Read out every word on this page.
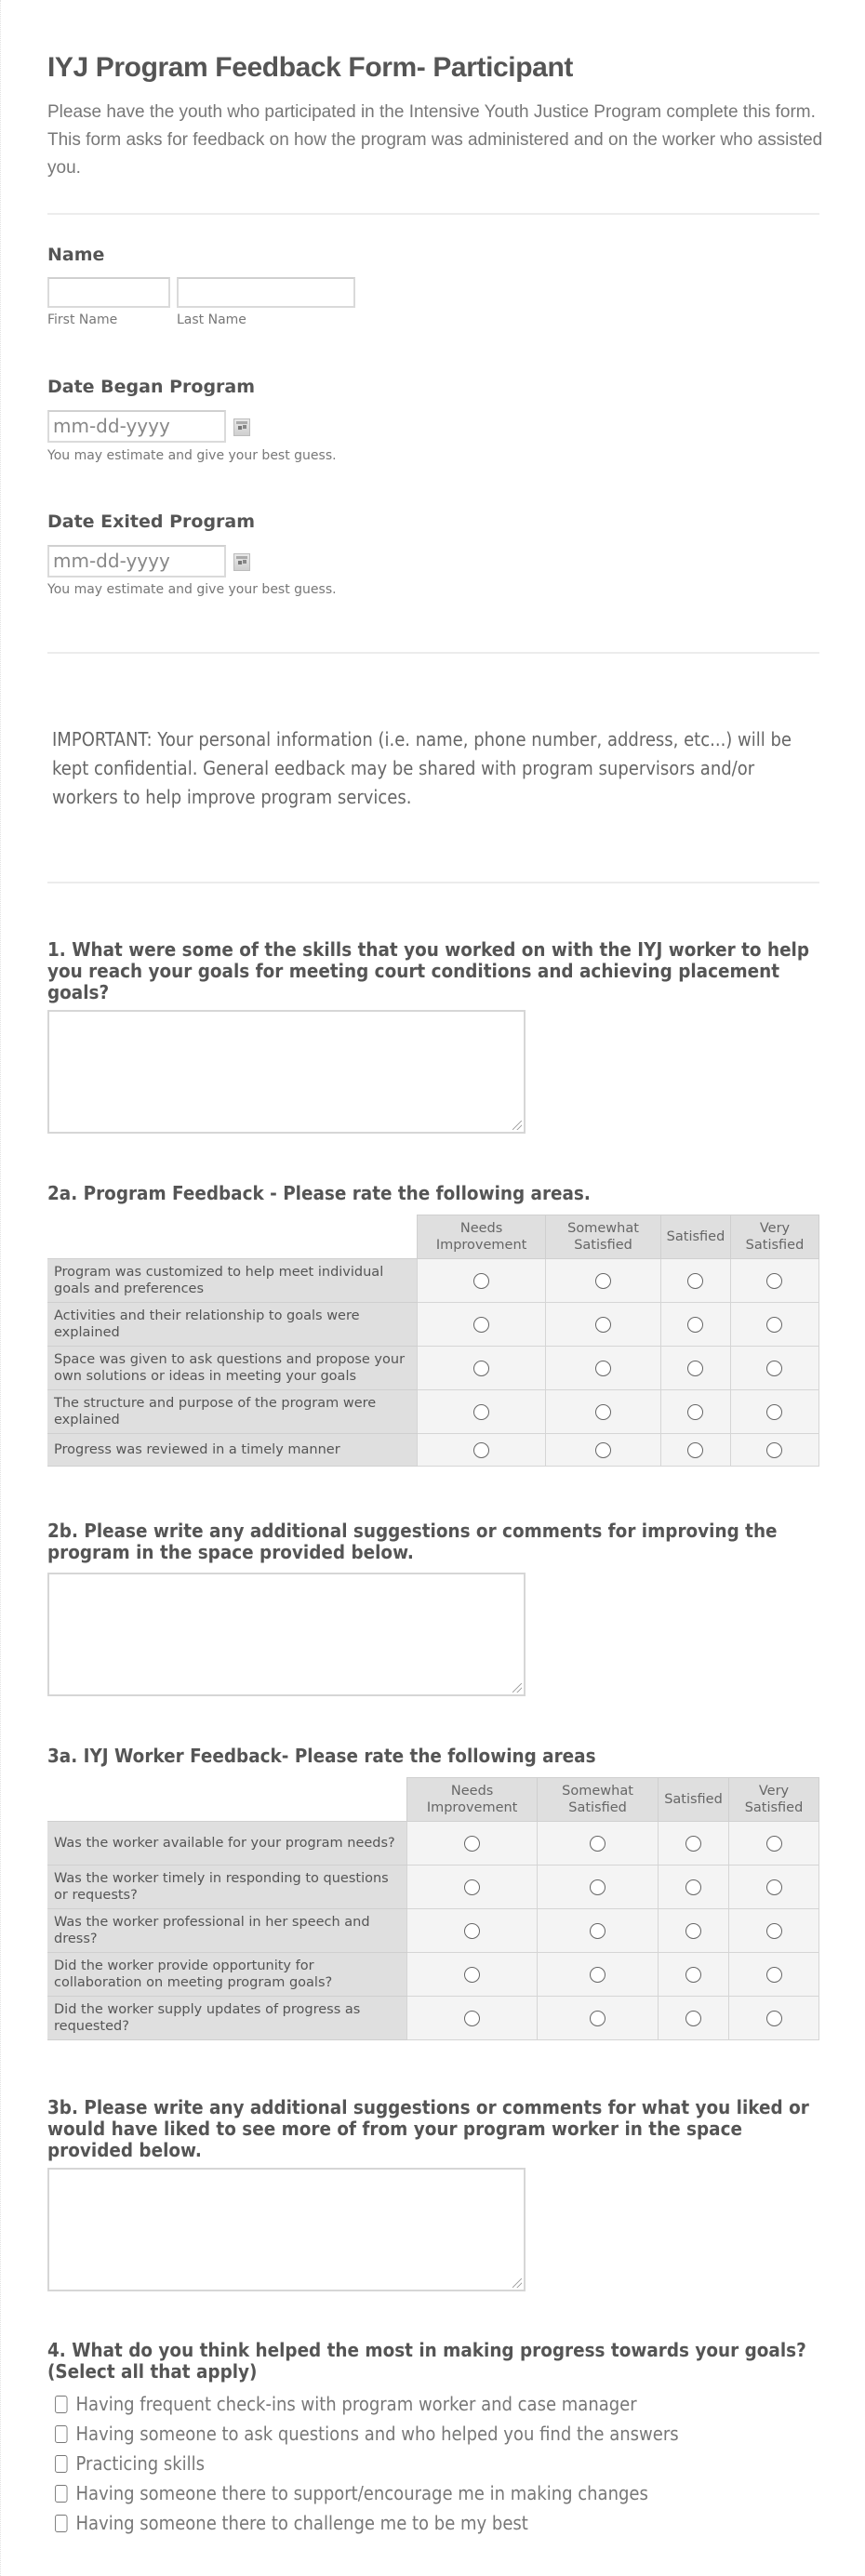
IYJ Program Feedback Form- Participant

Please have the youth who participated in the Intensive Youth Justice Program complete this form. This form asks for feedback on how the program was administered and on the worker who assisted you.

Name
First Name	Last Name
Date Began Program
mm-dd-yyyy
You may estimate and give your best guess.
Date Exited Program
mm-dd-yyyy
You may estimate and give your best guess.

IMPORTANT: Your personal information (i.e. name, phone number, address, etc...) will be kept confidential. General eedback may be shared with program supervisors and/or workers to help improve program services.

1. What were some of the skills that you worked on with the IYJ worker to help you reach your goals for meeting court conditions and achieving placement goals?
2a. Program Feedback - Please rate the following areas.
	Needs Improvement	Somewhat Satisfied	Satisfied	Very Satisfied
Program was customized to help meet individual goals and preferences				
Activities and their relationship to goals were explained				
Space was given to ask questions and propose your own solutions or ideas in meeting your goals				
The structure and purpose of the program were explained				
Progress was reviewed in a timely manner				
2b. Please write any additional suggestions or comments for improving the program in the space provided below.
3a. IYJ Worker Feedback- Please rate the following areas
	Needs Improvement	Somewhat Satisfied	Satisfied	Very Satisfied
Was the worker available for your program needs?				
Was the worker timely in responding to questions or requests?				
Was the worker professional in her speech and dress?				
Did the worker provide opportunity for collaboration on meeting program goals?				
Did the worker supply updates of progress as requested?				
3b. Please write any additional suggestions or comments for what you liked or would have liked to see more of from your program worker in the space provided below.
4. What do you think helped the most in making progress towards your goals? (Select all that apply)
Having frequent check-ins with program worker and case manager
Having someone to ask questions and who helped you find the answers
Practicing skills
Having someone there to support/encourage me in making changes
Having someone there to challenge me to be my best
